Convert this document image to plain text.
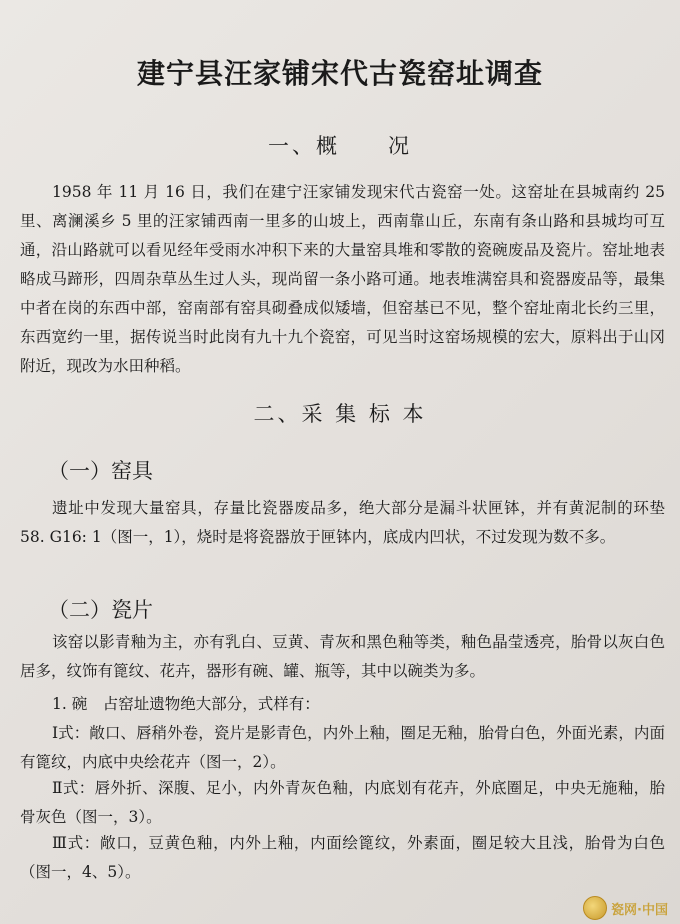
建宁县汪家铺宋代古瓷窑址调查
一、概　　况

1958 年 11 月 16 日，我们在建宁汪家铺发现宋代古瓷窑一处。这窑址在县城南约 25 里、离澜溪乡 5 里的汪家铺西南一里多的山坡上，西南靠山丘，东南有条山路和县城均可互通，沿山路就可以看见经年受雨水冲积下来的大量窑具堆和零散的瓷碗废品及瓷片。窑址地表略成马蹄形，四周杂草丛生过人头，现尚留一条小路可通。地表堆满窑具和瓷器废品等，最集中者在岗的东西中部，窑南部有窑具砌叠成似矮墙，但窑基已不见，整个窑址南北长约三里，东西宽约一里，据传说当时此岗有九十九个瓷窑，可见当时这窑场规模的宏大，原料出于山冈附近，现改为水田种稻。

二、采 集 标 本
（一）窑具

遗址中发现大量窑具，存量比瓷器废品多，绝大部分是漏斗状匣钵，并有黄泥制的环垫 58. G16: 1（图一，1），烧时是将瓷器放于匣钵内，底成内凹状，不过发现为数不多。

（二）瓷片

该窑以影青釉为主，亦有乳白、豆黄、青灰和黑色釉等类，釉色晶莹透亮，胎骨以灰白色居多，纹饰有篦纹、花卉，器形有碗、罐、瓶等，其中以碗类为多。

1. 碗　占窑址遗物绝大部分，式样有：

Ⅰ式：敞口、唇稍外卷，瓷片是影青色，内外上釉，圈足无釉，胎骨白色，外面光素，内面有篦纹，内底中央绘花卉（图一，2）。

Ⅱ式：唇外折、深腹、足小，内外青灰色釉，内底划有花卉，外底圈足，中央无施釉，胎骨灰色（图一，3）。

Ⅲ式：敞口，豆黄色釉，内外上釉，内面绘篦纹，外素面，圈足较大且浅，胎骨为白色（图一，4、5）。

瓷网·中国
